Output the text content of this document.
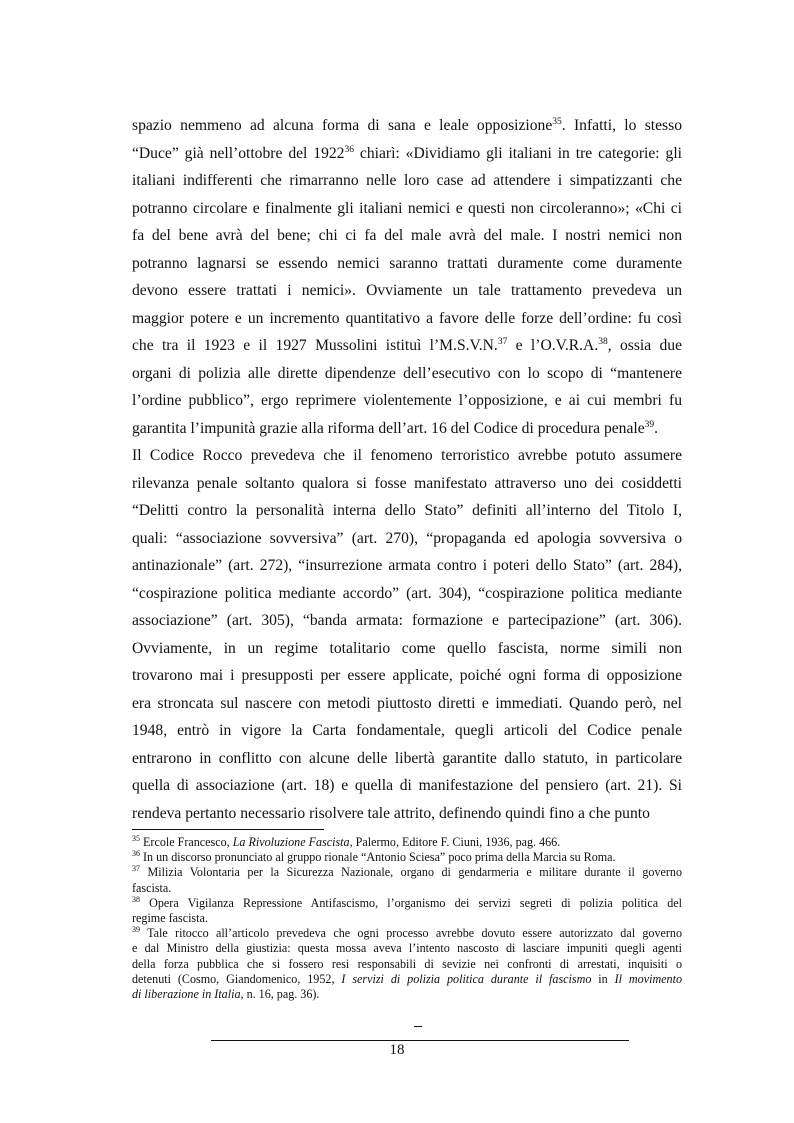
spazio nemmeno ad alcuna forma di sana e leale opposizione$^{35}$. Infatti, lo stesso
“Duce” già nell’ottobre del 1922$^{36}$ chiarì: «Dividiamo gli italiani in tre categorie: gli
italiani indifferenti che rimarranno nelle loro case ad attendere i simpatizzanti che
potranno circolare e finalmente gli italiani nemici e questi non circoleranno»; «Chi ci
fa del bene avrà del bene; chi ci fa del male avrà del male. I nostri nemici non
potranno lagnarsi se essendo nemici saranno trattati duramente come duramente
devono essere trattati i nemici». Ovviamente un tale trattamento prevedeva un
maggior potere e un incremento quantitativo a favore delle forze dell’ordine: fu così
che tra il 1923 e il 1927 Mussolini istituì l’M.S.V.N.$^{37}$ e l’O.V.R.A.$^{38}$, ossia due
organi di polizia alle dirette dipendenze dell’esecutivo con lo scopo di “mantenere
l’ordine pubblico”, ergo reprimere violentemente l’opposizione, e ai cui membri fu
garantita l’impunità grazie alla riforma dell’art. 16 del Codice di procedura penale$^{39}$.
Il Codice Rocco prevedeva che il fenomeno terroristico avrebbe potuto assumere
rilevanza penale soltanto qualora si fosse manifestato attraverso uno dei cosiddetti
“Delitti contro la personalità interna dello Stato” definiti all’interno del Titolo I,
quali: “associazione sovversiva” (art. 270), “propaganda ed apologia sovversiva o
antinazionale” (art. 272), “insurrezione armata contro i poteri dello Stato” (art. 284),
“cospirazione politica mediante accordo” (art. 304), “cospirazione politica mediante
associazione” (art. 305), “banda armata: formazione e partecipazione” (art. 306).
Ovviamente, in un regime totalitario come quello fascista, norme simili non
trovarono mai i presupposti per essere applicate, poiché ogni forma di opposizione
era stroncata sul nascere con metodi piuttosto diretti e immediati. Quando però, nel
1948, entrò in vigore la Carta fondamentale, quegli articoli del Codice penale
entrarono in conflitto con alcune delle libertà garantite dallo statuto, in particolare
quella di associazione (art. 18) e quella di manifestazione del pensiero (art. 21). Si
rendeva pertanto necessario risolvere tale attrito, definendo quindi fino a che punto
$^{35}$ Ercole Francesco, La Rivoluzione Fascista, Palermo, Editore F. Ciuni, 1936, pag. 466.
$^{36}$ In un discorso pronunciato al gruppo rionale “Antonio Sciesa” poco prima della Marcia su Roma.
$^{37}$ Milizia Volontaria per la Sicurezza Nazionale, organo di gendarmeria e militare durante il governo
fascista.
$^{38}$ Opera Vigilanza Repressione Antifascismo, l’organismo dei servizi segreti di polizia politica del
regime fascista.
$^{39}$ Tale ritocco all’articolo prevedeva che ogni processo avrebbe dovuto essere autorizzato dal governo
e dal Ministro della giustizia: questa mossa aveva l’intento nascosto di lasciare impuniti quegli agenti
della forza pubblica che si fossero resi responsabili di sevizie nei confronti di arrestati, inquisiti o
detenuti (Cosmo, Giandomenico, 1952, I servizi di polizia politica durante il fascismo in Il movimento
di liberazione in Italia, n. 16, pag. 36).
18
